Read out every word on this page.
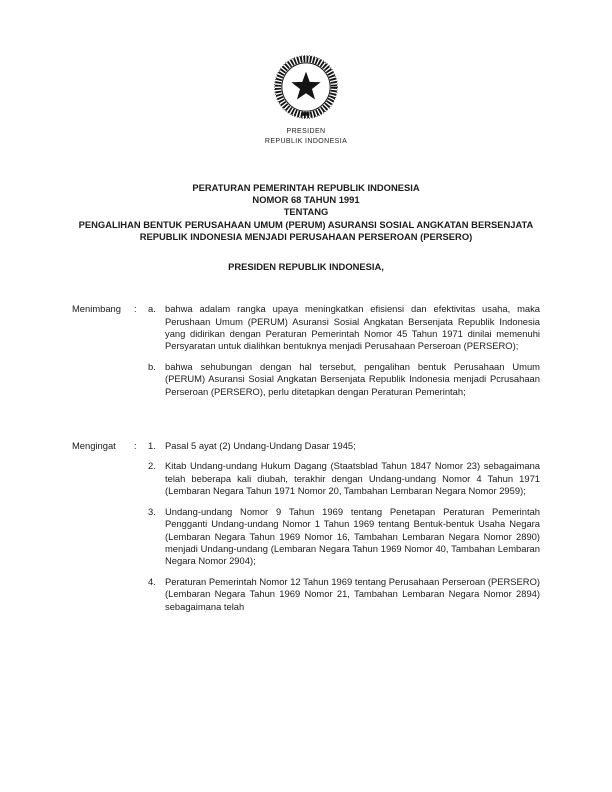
PRESIDEN
REPUBLIK INDONESIA
PERATURAN PEMERINTAH REPUBLIK INDONESIA
NOMOR 68 TAHUN 1991
TENTANG
PENGALIHAN BENTUK PERUSAHAAN UMUM (PERUM) ASURANSI SOSIAL ANGKATAN BERSENJATA REPUBLIK INDONESIA MENJADI PERUSAHAAN PERSEROAN (PERSERO)
PRESIDEN REPUBLIK INDONESIA,
Menimbang	:	a. bahwa adalam rangka upaya meningkatkan efisiensi dan efektivitas usaha, maka Perushaan Umum (PERUM) Asuransi Sosial Angkatan Bersenjata Republik Indonesia yang didirikan dengan Peraturan Pemerintah Nomor 45 Tahun 1971 dinilai memenuhi Persyaratan untuk dialihkan bentuknya menjadi Perusahaan Perseroan (PERSERO);
b. bahwa sehubungan dengan hal tersebut, pengalihan bentuk Perusahaan Umum (PERUM) Asuransi Sosial Angkatan Bersenjata Republik Indonesia menjadi Pcrusahaan Perseroan (PERSERO), perlu ditetapkan dengan Peraturan Pemerintah;
Mengingat	:	1. Pasal 5 ayat (2) Undang-Undang Dasar 1945;
2. Kitab Undang-undang Hukum Dagang (Staatsblad Tahun 1847 Nomor 23) sebagaimana telah beberapa kali diubah, terakhir dengan Undang-undang Nomor 4 Tahun 1971 (Lembaran Negara Tahun 1971 Nomor 20, Tambahan Lembaran Negara Nomor 2959);
3. Undang-undang Nomor 9 Tahun 1969 tentang Penetapan Peraturan Pemerintah Pengganti Undang-undang Nomor 1 Tahun 1969 tentang Bentuk-bentuk Usaha Negara (Lembaran Negara Tahun 1969 Nomor 16, Tambahan Lembaran Negara Nomor 2890) menjadi Undang-undang (Lembaran Negara Tahun 1969 Nomor 40, Tambahan Lembaran Negara Nomor 2904);
4. Peraturan Pemerintah Nomor 12 Tahun 1969 tentang Perusahaan Perseroan (PERSERO) (Lembaran Negara Tahun 1969 Nomor 21, Tambahan Lembaran Negara Nomor 2894) sebagaimana telah
